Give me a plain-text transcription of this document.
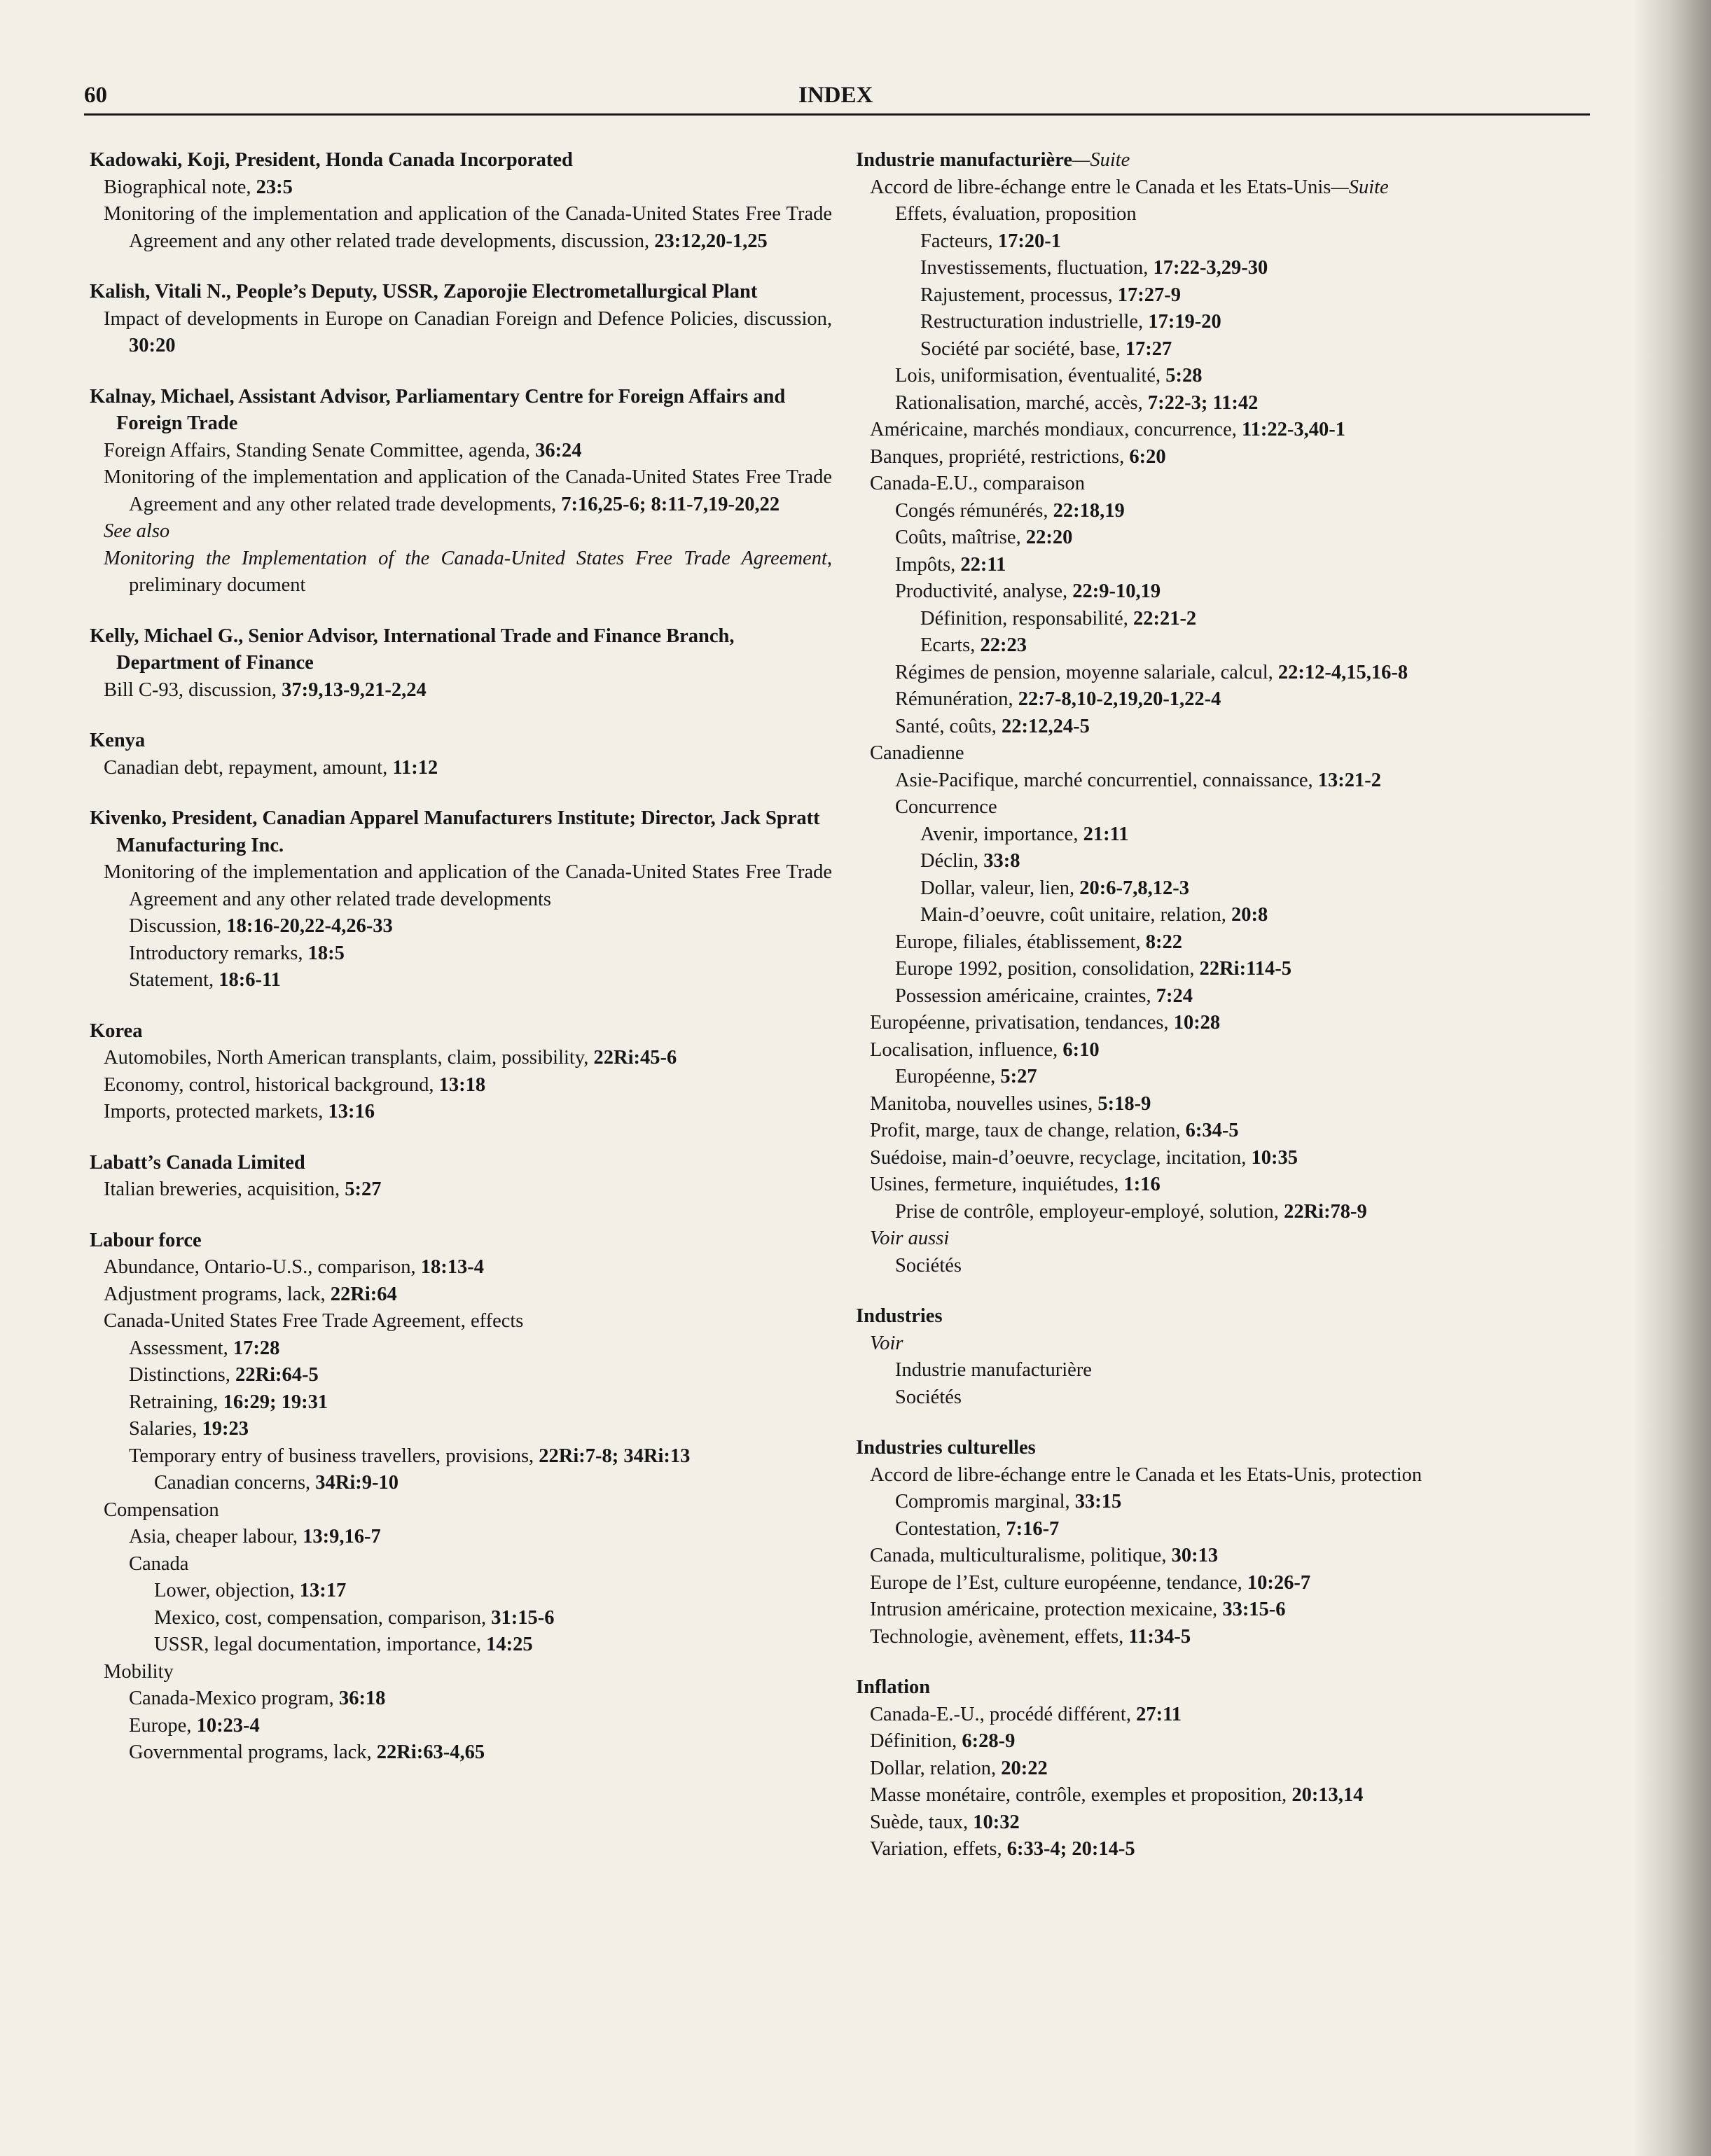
60	INDEX
Kadowaki, Koji, President, Honda Canada Incorporated
Biographical note, 23:5
Monitoring of the implementation and application of the Canada-United States Free Trade Agreement and any other related trade developments, discussion, 23:12,20-1,25
Kalish, Vitali N., People’s Deputy, USSR, Zaporojie Electrometallurgical Plant
Impact of developments in Europe on Canadian Foreign and Defence Policies, discussion, 30:20
Kalnay, Michael, Assistant Advisor, Parliamentary Centre for Foreign Affairs and Foreign Trade
Foreign Affairs, Standing Senate Committee, agenda, 36:24
Monitoring of the implementation and application of the Canada-United States Free Trade Agreement and any other related trade developments, 7:16,25-6; 8:11-7,19-20,22
See also
Monitoring the Implementation of the Canada-United States Free Trade Agreement, preliminary document
Kelly, Michael G., Senior Advisor, International Trade and Finance Branch, Department of Finance
Bill C-93, discussion, 37:9,13-9,21-2,24
Kenya
Canadian debt, repayment, amount, 11:12
Kivenko, President, Canadian Apparel Manufacturers Institute; Director, Jack Spratt Manufacturing Inc.
Monitoring of the implementation and application of the Canada-United States Free Trade Agreement and any other related trade developments
Discussion, 18:16-20,22-4,26-33
Introductory remarks, 18:5
Statement, 18:6-11
Korea
Automobiles, North American transplants, claim, possibility, 22Ri:45-6
Economy, control, historical background, 13:18
Imports, protected markets, 13:16
Labatt’s Canada Limited
Italian breweries, acquisition, 5:27
Labour force
Abundance, Ontario-U.S., comparison, 18:13-4
Adjustment programs, lack, 22Ri:64
Canada-United States Free Trade Agreement, effects
Assessment, 17:28
Distinctions, 22Ri:64-5
Retraining, 16:29; 19:31
Salaries, 19:23
Temporary entry of business travellers, provisions, 22Ri:7-8; 34Ri:13
Canadian concerns, 34Ri:9-10
Compensation
Asia, cheaper labour, 13:9,16-7
Canada
Lower, objection, 13:17
Mexico, cost, compensation, comparison, 31:15-6
USSR, legal documentation, importance, 14:25
Mobility
Canada-Mexico program, 36:18
Europe, 10:23-4
Governmental programs, lack, 22Ri:63-4,65
Industrie manufacturière—Suite
Accord de libre-échange entre le Canada et les Etats-Unis—Suite
Effets, évaluation, proposition
Facteurs, 17:20-1
Investissements, fluctuation, 17:22-3,29-30
Rajustement, processus, 17:27-9
Restructuration industrielle, 17:19-20
Société par société, base, 17:27
Lois, uniformisation, éventualité, 5:28
Rationalisation, marché, accès, 7:22-3; 11:42
Américaine, marchés mondiaux, concurrence, 11:22-3,40-1
Banques, propriété, restrictions, 6:20
Canada-E.U., comparaison
Congés rémunérés, 22:18,19
Coûts, maîtrise, 22:20
Impôts, 22:11
Productivité, analyse, 22:9-10,19
Définition, responsabilité, 22:21-2
Ecarts, 22:23
Régimes de pension, moyenne salariale, calcul, 22:12-4,15,16-8
Rémunération, 22:7-8,10-2,19,20-1,22-4
Santé, coûts, 22:12,24-5
Canadienne
Asie-Pacifique, marché concurrentiel, connaissance, 13:21-2
Concurrence
Avenir, importance, 21:11
Déclin, 33:8
Dollar, valeur, lien, 20:6-7,8,12-3
Main-d’oeuvre, coût unitaire, relation, 20:8
Europe, filiales, établissement, 8:22
Europe 1992, position, consolidation, 22Ri:114-5
Possession américaine, craintes, 7:24
Européenne, privatisation, tendances, 10:28
Localisation, influence, 6:10
Européenne, 5:27
Manitoba, nouvelles usines, 5:18-9
Profit, marge, taux de change, relation, 6:34-5
Suédoise, main-d’oeuvre, recyclage, incitation, 10:35
Usines, fermeture, inquiétudes, 1:16
Prise de contrôle, employeur-employé, solution, 22Ri:78-9
Voir aussi
Sociétés
Industries
Voir
Industrie manufacturière
Sociétés
Industries culturelles
Accord de libre-échange entre le Canada et les Etats-Unis, protection
Compromis marginal, 33:15
Contestation, 7:16-7
Canada, multiculturalisme, politique, 30:13
Europe de l’Est, culture européenne, tendance, 10:26-7
Intrusion américaine, protection mexicaine, 33:15-6
Technologie, avènement, effets, 11:34-5
Inflation
Canada-E.-U., procédé différent, 27:11
Définition, 6:28-9
Dollar, relation, 20:22
Masse monétaire, contrôle, exemples et proposition, 20:13,14
Suède, taux, 10:32
Variation, effets, 6:33-4; 20:14-5
